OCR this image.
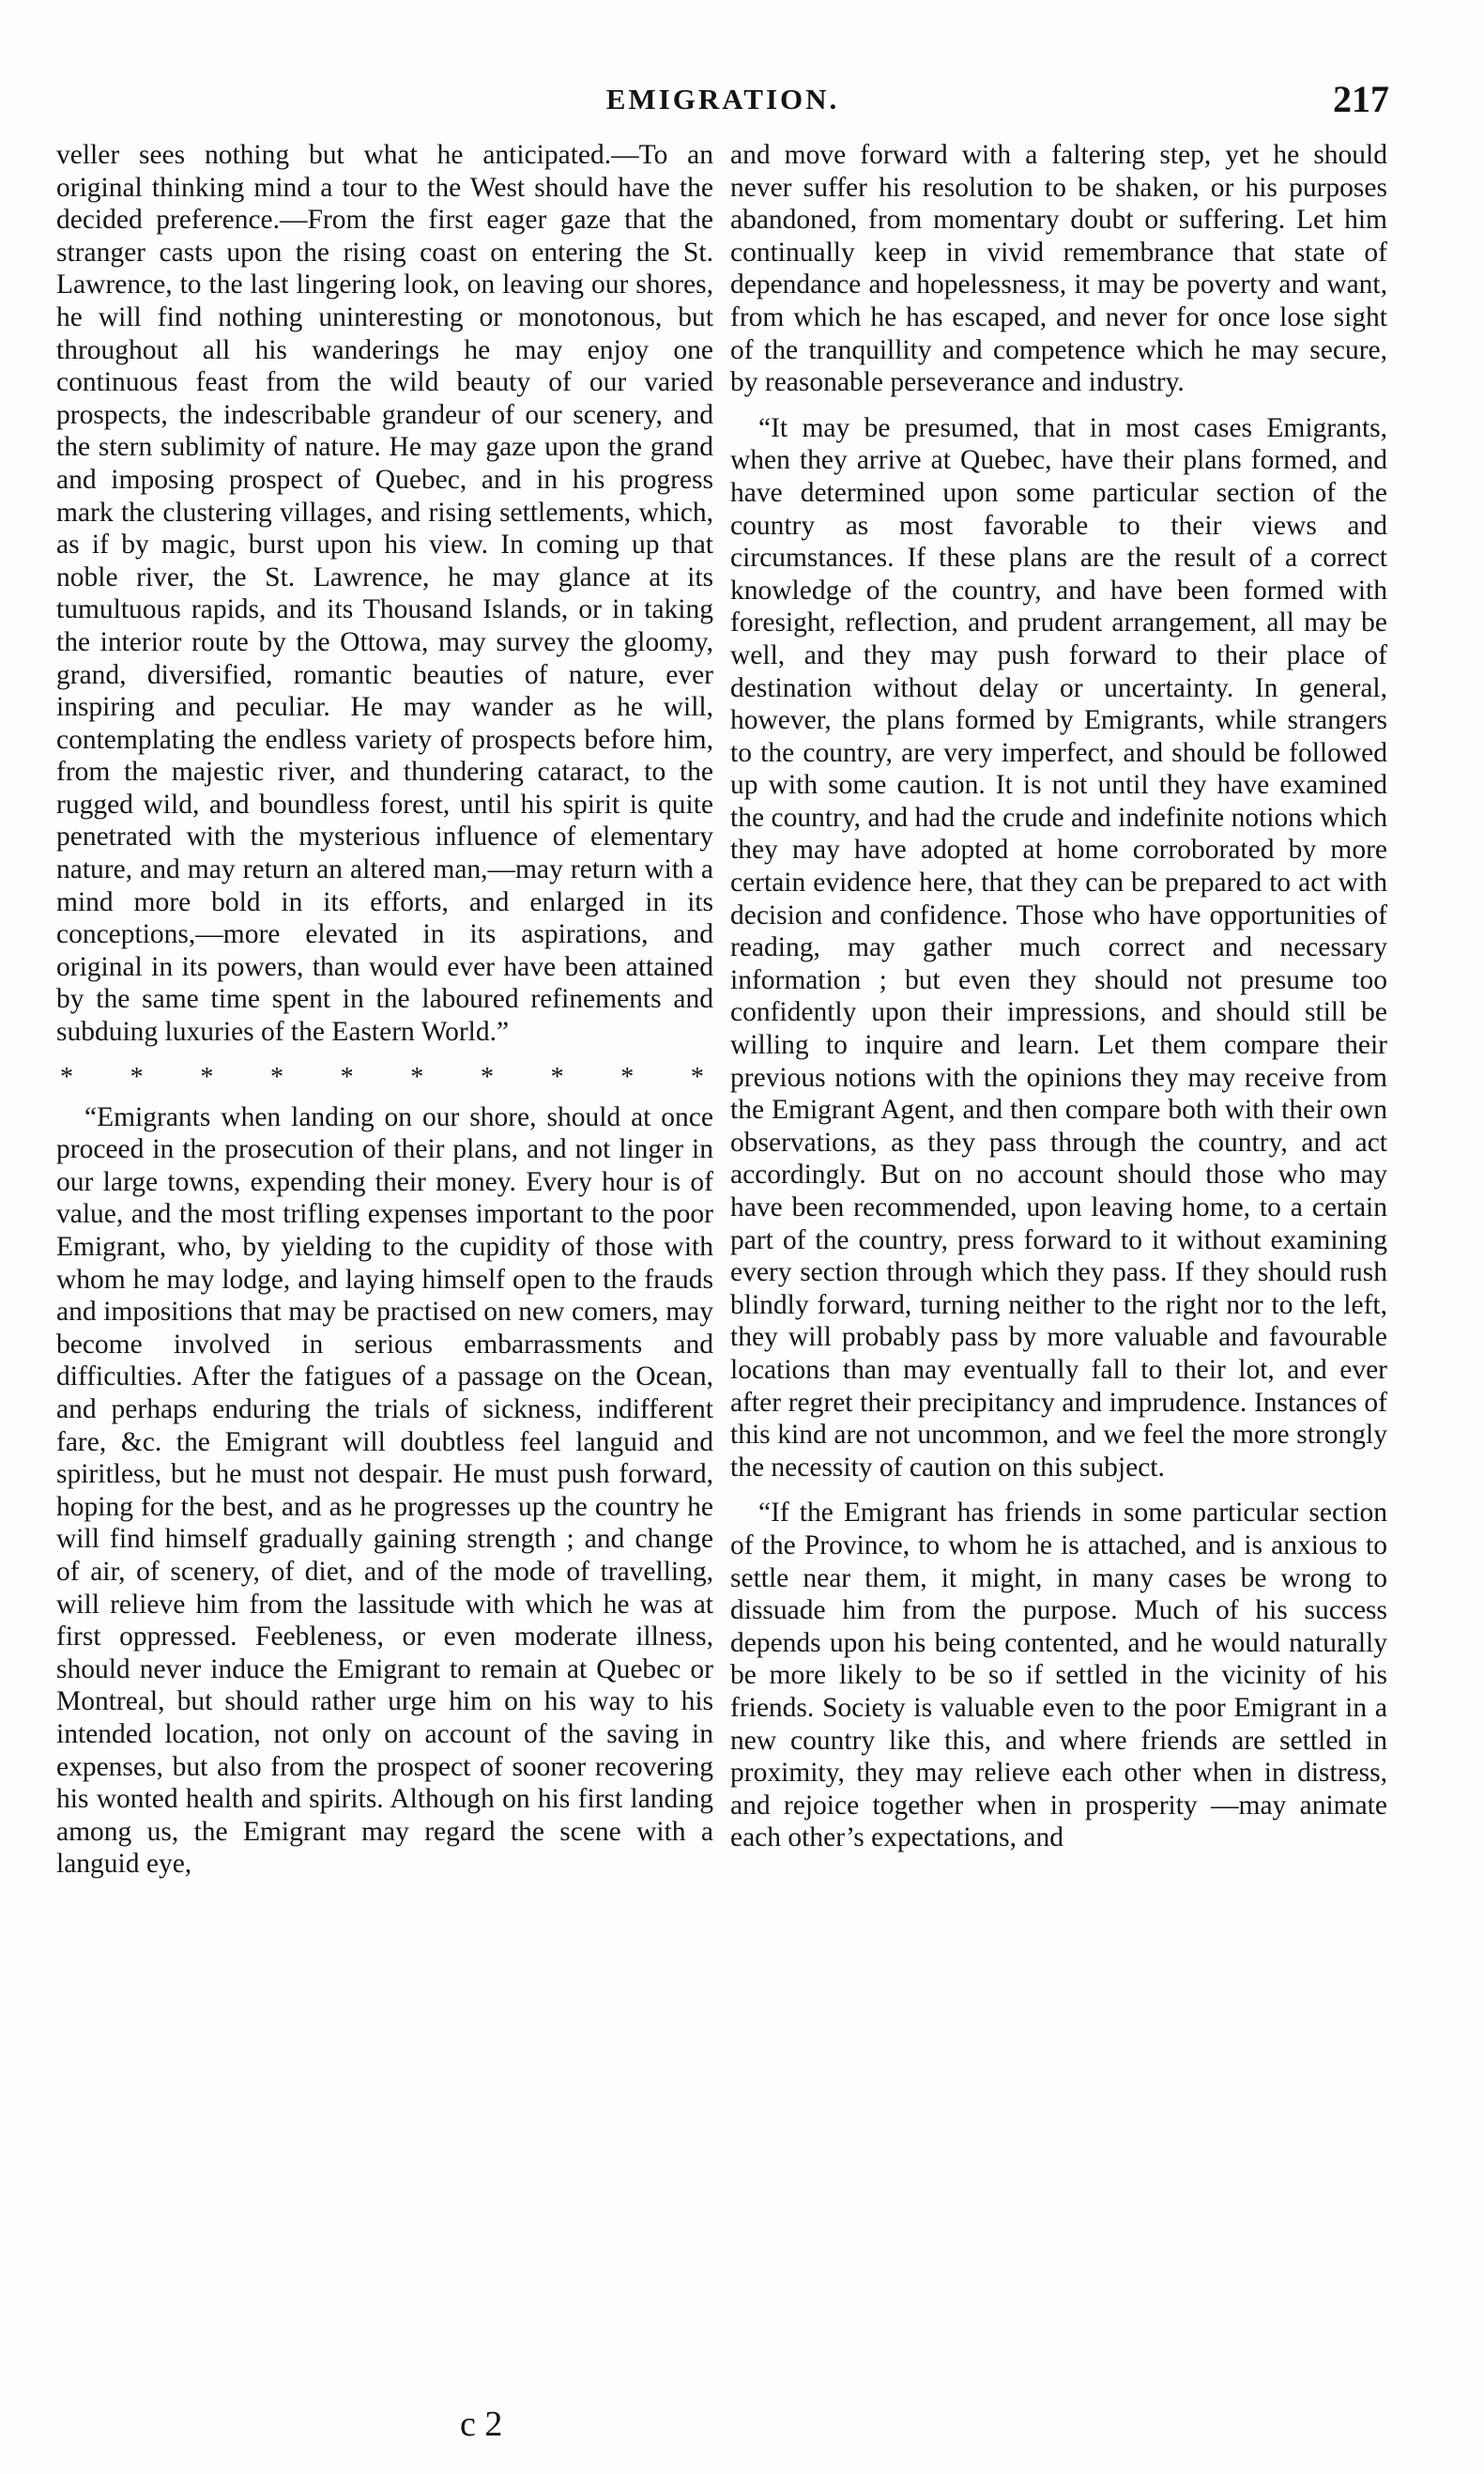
EMIGRATION.	217

veller sees nothing but what he anticipated.—To an original thinking mind a tour to the West should have the decided preference.—From the first eager gaze that the stranger casts upon the rising coast on entering the St. Lawrence, to the last lingering look, on leaving our shores, he will find nothing uninteresting or monotonous, but throughout all his wanderings he may enjoy one continuous feast from the wild beauty of our varied prospects, the indescribable grandeur of our scenery, and the stern sublimity of nature. He may gaze upon the grand and imposing prospect of Quebec, and in his progress mark the clustering villages, and rising settlements, which, as if by magic, burst upon his view. In coming up that noble river, the St. Lawrence, he may glance at its tumultuous rapids, and its Thousand Islands, or in taking the interior route by the Ottowa, may survey the gloomy, grand, diversified, romantic beauties of nature, ever inspiring and peculiar. He may wander as he will, contemplating the endless variety of prospects before him, from the majestic river, and thundering cataract, to the rugged wild, and boundless forest, until his spirit is quite penetrated with the mysterious influence of elementary nature, and may return an altered man,—may return with a mind more bold in its efforts, and enlarged in its conceptions,—more elevated in its aspirations, and original in its powers, than would ever have been attained by the same time spent in the laboured refinements and subduing luxuries of the Eastern World.”

* * * * * * * * * *

“Emigrants when landing on our shore, should at once proceed in the prosecution of their plans, and not linger in our large towns, expending their money. Every hour is of value, and the most trifling expenses important to the poor Emigrant, who, by yielding to the cupidity of those with whom he may lodge, and laying himself open to the frauds and impositions that may be practised on new comers, may become involved in serious embarrassments and difficulties. After the fatigues of a passage on the Ocean, and perhaps enduring the trials of sickness, indifferent fare, &c. the Emigrant will doubtless feel languid and spiritless, but he must not despair. He must push forward, hoping for the best, and as he progresses up the country he will find himself gradually gaining strength ; and change of air, of scenery, of diet, and of the mode of travelling, will relieve him from the lassitude with which he was at first oppressed. Feebleness, or even moderate illness, should never induce the Emigrant to remain at Quebec or Montreal, but should rather urge him on his way to his intended location, not only on account of the saving in expenses, but also from the prospect of sooner recovering his wonted health and spirits. Although on his first landing among us, the Emigrant may regard the scene with a languid eye,

and move forward with a faltering step, yet he should never suffer his resolution to be shaken, or his purposes abandoned, from momentary doubt or suffering. Let him continually keep in vivid remembrance that state of dependance and hopelessness, it may be poverty and want, from which he has escaped, and never for once lose sight of the tranquillity and competence which he may secure, by reasonable perseverance and industry.

“It may be presumed, that in most cases Emigrants, when they arrive at Quebec, have their plans formed, and have determined upon some particular section of the country as most favorable to their views and circumstances. If these plans are the result of a correct knowledge of the country, and have been formed with foresight, reflection, and prudent arrangement, all may be well, and they may push forward to their place of destination without delay or uncertainty. In general, however, the plans formed by Emigrants, while strangers to the country, are very imperfect, and should be followed up with some caution. It is not until they have examined the country, and had the crude and indefinite notions which they may have adopted at home corroborated by more certain evidence here, that they can be prepared to act with decision and confidence. Those who have opportunities of reading, may gather much correct and necessary information ; but even they should not presume too confidently upon their impressions, and should still be willing to inquire and learn. Let them compare their previous notions with the opinions they may receive from the Emigrant Agent, and then compare both with their own observations, as they pass through the country, and act accordingly. But on no account should those who may have been recommended, upon leaving home, to a certain part of the country, press forward to it without examining every section through which they pass. If they should rush blindly forward, turning neither to the right nor to the left, they will probably pass by more valuable and favourable locations than may eventually fall to their lot, and ever after regret their precipitancy and imprudence. Instances of this kind are not uncommon, and we feel the more strongly the necessity of caution on this subject.

“If the Emigrant has friends in some particular section of the Province, to whom he is attached, and is anxious to settle near them, it might, in many cases be wrong to dissuade him from the purpose. Much of his success depends upon his being contented, and he would naturally be more likely to be so if settled in the vicinity of his friends. Society is valuable even to the poor Emigrant in a new country like this, and where friends are settled in proximity, they may relieve each other when in distress, and rejoice together when in prosperity —may animate each other’s expectations, and

c 2
